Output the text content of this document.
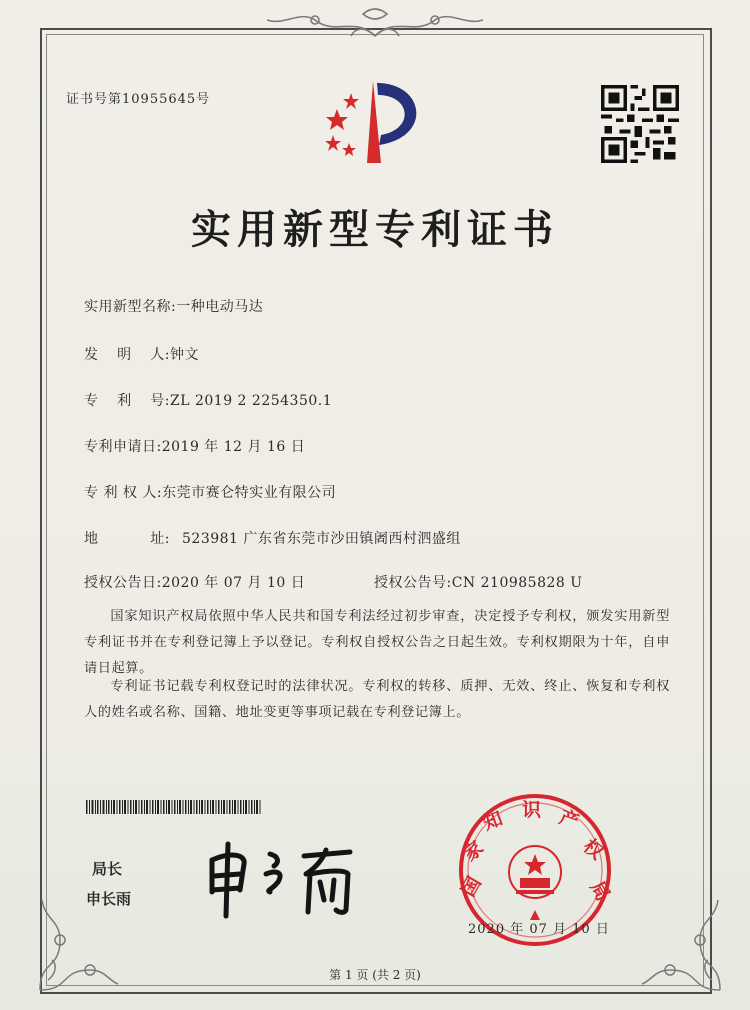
证书号第10955645号
实用新型专利证书
实用新型名称:一种电动马达
发 明 人: 钟文
专 利 号: ZL 2019 2 2254350.1
专利申请日:2019 年 12 月 16 日
专 利 权 人:东莞市赛仑特实业有限公司
地	址: 523981 广东省东莞市沙田镇阇西村泗盛组
授权公告日:2020 年 07 月 10 日	授权公告号:CN 210985828 U
国家知识产权局依照中华人民共和国专利法经过初步审查，决定授予专利权，颁发实用新型专利证书并在专利登记簿上予以登记。专利权自授权公告之日起生效。专利权期限为十年，自申请日起算。
专利证书记载专利权登记时的法律状况。专利权的转移、质押、无效、终止、恢复和专利权人的姓名或名称、国籍、地址变更等事项记载在专利登记簿上。
局长
申长雨	国
家
知 识 产
权
局
2020 年 07 月 10 日
第 1 页 (共 2 页)
